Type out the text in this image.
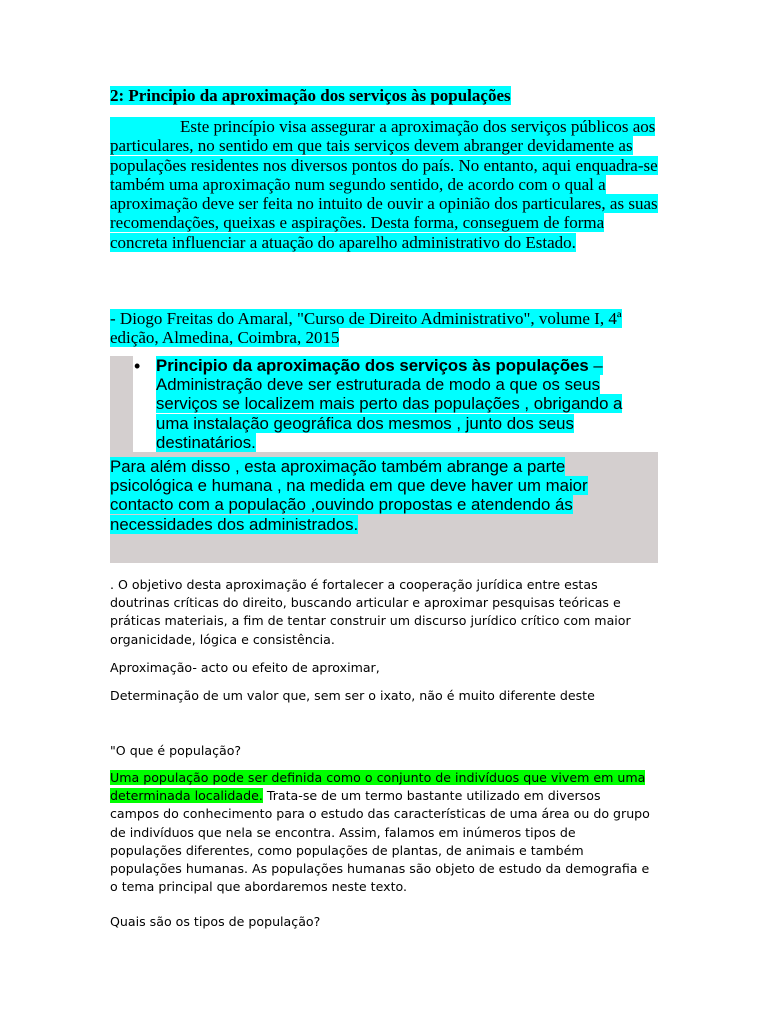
2: Principio da aproximação dos serviços às populações
Este princípio visa assegurar a aproximação dos serviços públicos aos particulares, no sentido em que tais serviços devem abranger devidamente as populações residentes nos diversos pontos do país. No entanto, aqui enquadra-se também uma aproximação num segundo sentido, de acordo com o qual a aproximação deve ser feita no intuito de ouvir a opinião dos particulares, as suas recomendações, queixas e aspirações. Desta forma, conseguem de forma concreta influenciar a atuação do aparelho administrativo do Estado.
- Diogo Freitas do Amaral, "Curso de Direito Administrativo", volume I, 4ª edição, Almedina, Coimbra, 2015
• Principio da aproximação dos serviços às populações – Administração deve ser estruturada de modo a que os seus serviços se localizem mais perto das populações , obrigando a uma instalação geográfica dos mesmos , junto dos seus destinatários.
Para além disso , esta aproximação também abrange a parte psicológica e humana , na medida em que deve haver um maior contacto com a população ,ouvindo propostas e atendendo ás necessidades dos administrados.
. O objetivo desta aproximação é fortalecer a cooperação jurídica entre estas doutrinas críticas do direito, buscando articular e aproximar pesquisas teóricas e práticas materiais, a fim de tentar construir um discurso jurídico crítico com maior organicidade, lógica e consistência.
Aproximação- acto ou efeito de aproximar,
Determinação de um valor que, sem ser o ixato, não é muito diferente deste
"O que é população?
Uma população pode ser definida como o conjunto de indivíduos que vivem em uma determinada localidade. Trata-se de um termo bastante utilizado em diversos campos do conhecimento para o estudo das características de uma área ou do grupo de indivíduos que nela se encontra. Assim, falamos em inúmeros tipos de populações diferentes, como populações de plantas, de animais e também populações humanas. As populações humanas são objeto de estudo da demografia e o tema principal que abordaremos neste texto.
Quais são os tipos de população?
